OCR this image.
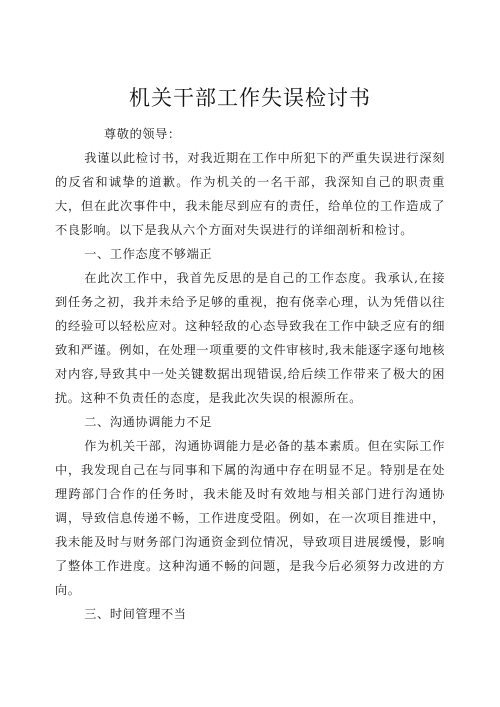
机关干部工作失误检讨书

尊敬的领导：

我谨以此检讨书，对我近期在工作中所犯下的严重失误进行深刻的反省和诚挚的道歉。作为机关的一名干部，我深知自己的职责重大，但在此次事件中，我未能尽到应有的责任，给单位的工作造成了不良影响。以下是我从六个方面对失误进行的详细剖析和检讨。

一、工作态度不够端正

在此次工作中，我首先反思的是自己的工作态度。我承认,在接到任务之初，我并未给予足够的重视，抱有侥幸心理，认为凭借以往的经验可以轻松应对。这种轻敌的心态导致我在工作中缺乏应有的细致和严谨。例如，在处理一项重要的文件审核时,我未能逐字逐句地核对内容,导致其中一处关键数据出现错误,给后续工作带来了极大的困扰。这种不负责任的态度，是我此次失误的根源所在。

二、沟通协调能力不足

作为机关干部，沟通协调能力是必备的基本素质。但在实际工作中，我发现自己在与同事和下属的沟通中存在明显不足。特别是在处理跨部门合作的任务时，我未能及时有效地与相关部门进行沟通协调，导致信息传递不畅，工作进度受阻。例如，在一次项目推进中，我未能及时与财务部门沟通资金到位情况，导致项目进展缓慢，影响了整体工作进度。这种沟通不畅的问题，是我今后必须努力改进的方向。

三、时间管理不当
